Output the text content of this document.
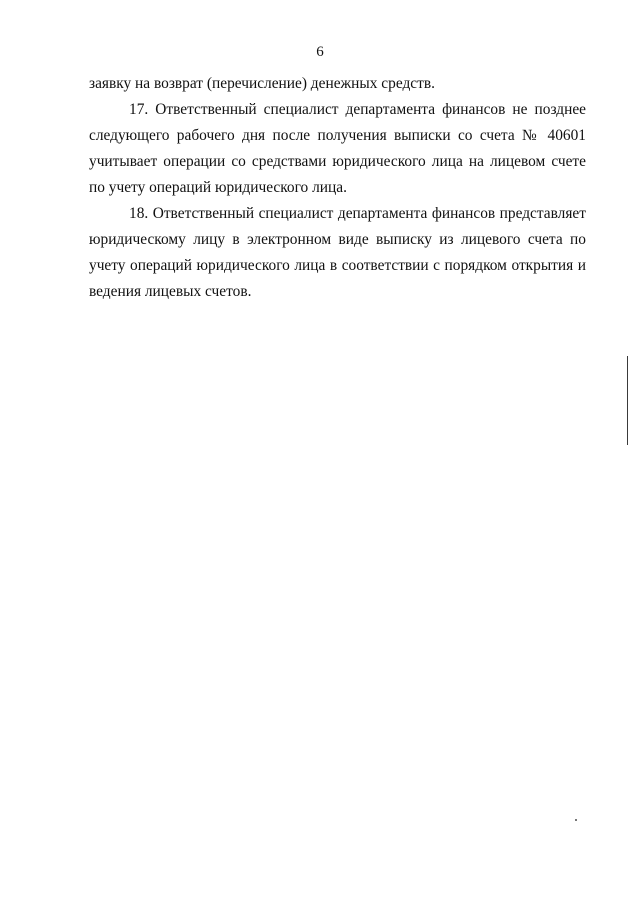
6

заявку на возврат (перечисление) денежных средств.

17. Ответственный специалист департамента финансов не позднее следующего рабочего дня после получения выписки со счета № 40601 учитывает операции со средствами юридического лица на лицевом счете по учету операций юридического лица.

18. Ответственный специалист департамента финансов представляет юридическому лицу в электронном виде выписку из лицевого счета по учету операций юридического лица в соответствии с порядком открытия и ведения лицевых счетов.
